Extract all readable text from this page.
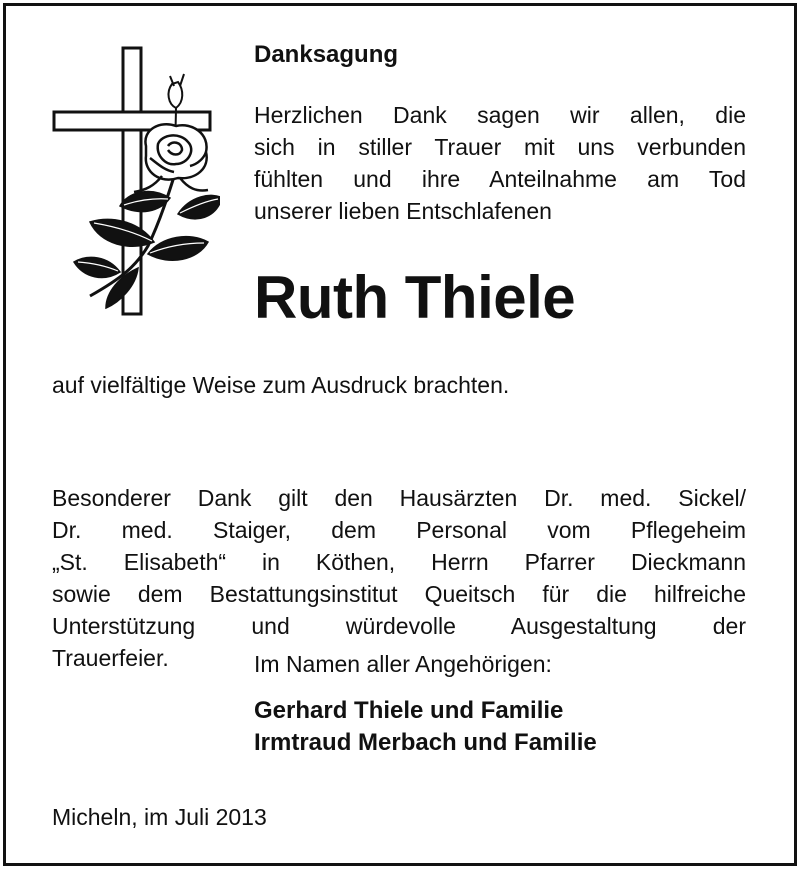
Danksagung
Herzlichen Dank sagen wir allen, die
sich in stiller Trauer mit uns verbunden
fühlten und ihre Anteilnahme am Tod
unserer lieben Entschlafenen
Ruth Thiele
auf vielfältige Weise zum Ausdruck brachten.
Besonderer Dank gilt den Hausärzten Dr. med. Sickel/
Dr. med. Staiger, dem Personal vom Pflegeheim
„St. Elisabeth“ in Köthen, Herrn Pfarrer Dieckmann
sowie dem Bestattungsinstitut Queitsch für die hilfreiche
Unterstützung und würdevolle Ausgestaltung der
Trauerfeier.	Im Namen aller Angehörigen:
Gerhard Thiele und Familie
Irmtraud Merbach und Familie
Micheln, im Juli 2013
